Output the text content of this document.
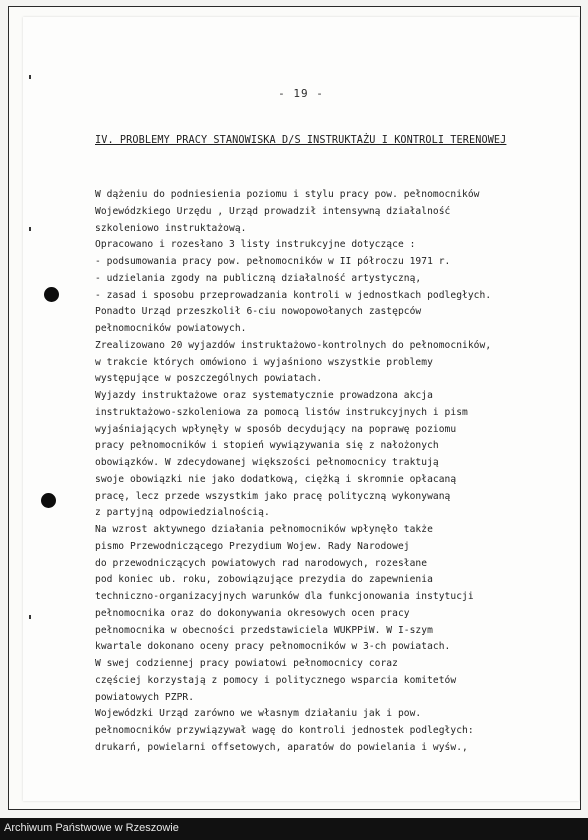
- 19 -
IV. PROBLEMY PRACY STANOWISKA D/S INSTRUKTAŻU I KONTROLI TERENOWEJ
W dążeniu do podniesienia poziomu i stylu pracy pow. pełnomocników
Wojewódzkiego Urzędu , Urząd prowadził intensywną działalność
szkoleniowo instruktażową.
Opracowano i rozesłano 3 listy instrukcyjne dotyczące :
- podsumowania pracy pow. pełnomocników w II półroczu 1971 r.
- udzielania zgody na publiczną działalność artystyczną,
- zasad i sposobu przeprowadzania kontroli w jednostkach podległych.
Ponadto Urząd przeszkolił 6-ciu nowopowołanych zastępców
pełnomocników powiatowych.
Zrealizowano 20 wyjazdów instruktażowo-kontrolnych do pełnomocników,
w trakcie których omówiono i wyjaśniono wszystkie problemy
występujące w poszczególnych powiatach.
Wyjazdy instruktażowe oraz systematycznie prowadzona akcja
instruktażowo-szkoleniowa za pomocą listów instrukcyjnych i pism
wyjaśniających wpłynęły w sposób decydujący na poprawę poziomu
pracy pełnomocników i stopień wywiązywania się z nałożonych
obowiązków. W zdecydowanej większości pełnomocnicy traktują
swoje obowiązki nie jako dodatkową, ciężką i skromnie opłacaną
pracę, lecz przede wszystkim jako pracę polityczną wykonywaną
z partyjną odpowiedzialnością.
Na wzrost aktywnego działania pełnomocników wpłynęło także
pismo Przewodniczącego Prezydium Wojew. Rady Narodowej
do przewodniczących powiatowych rad narodowych, rozesłane
pod koniec ub. roku, zobowiązujące prezydia do zapewnienia
techniczno-organizacyjnych warunków dla funkcjonowania instytucji
pełnomocnika oraz do dokonywania okresowych ocen pracy
pełnomocnika w obecności przedstawiciela WUKPPiW. W I-szym
kwartale dokonano oceny pracy pełnomocników w 3-ch powiatach.
W swej codziennej pracy powiatowi pełnomocnicy coraz
częściej korzystają z pomocy i politycznego wsparcia komitetów
powiatowych PZPR.
Wojewódzki Urząd zarówno we własnym działaniu jak i pow.
pełnomocników przywiązywał wagę do kontroli jednostek podległych:
drukarń, powielarni offsetowych, aparatów do powielania i wyśw.,
Archiwum Państwowe w Rzeszowie
